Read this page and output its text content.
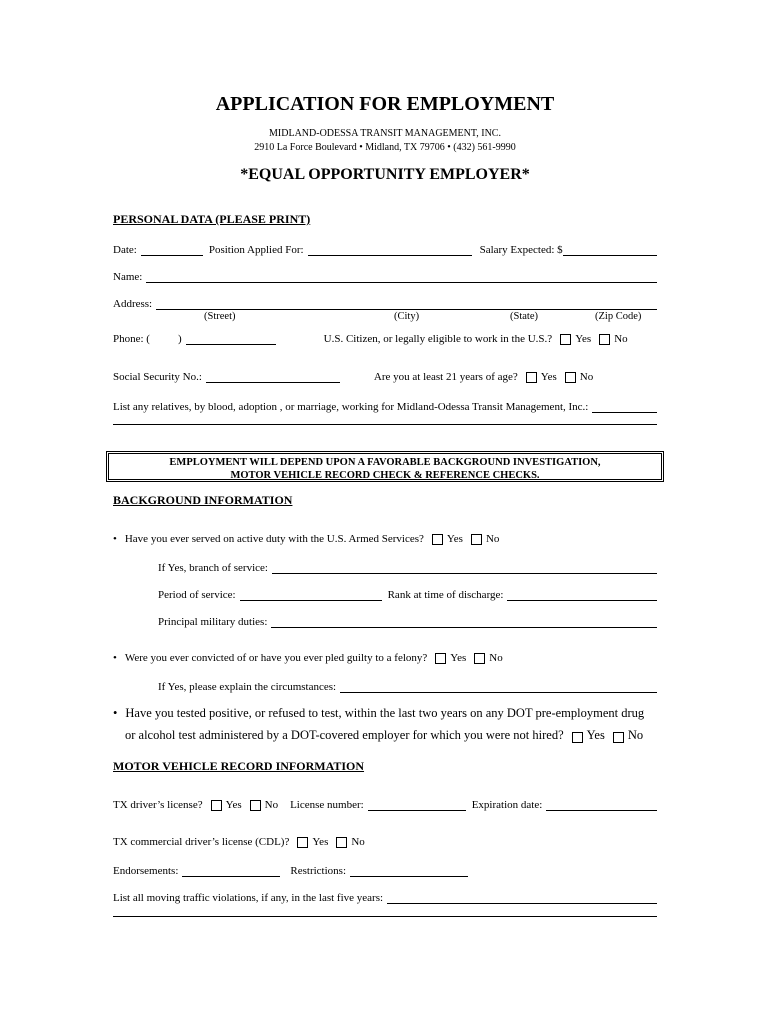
APPLICATION FOR EMPLOYMENT
MIDLAND-ODESSA TRANSIT MANAGEMENT, INC.
2910 La Force Boulevard • Midland, TX 79706 • (432) 561-9990
*EQUAL OPPORTUNITY EMPLOYER*
PERSONAL DATA (PLEASE PRINT)
Date:	Position Applied For:	Salary Expected: $
Name:
Address:
(Street)	(City)	(State)	(Zip Code)
Phone: (	)	U.S. Citizen, or legally eligible to work in the U.S.? Yes No
Social Security No.:	Are you at least 21 years of age? Yes No
List any relatives, by blood, adoption , or marriage, working for Midland-Odessa Transit Management, Inc.:
EMPLOYMENT WILL DEPEND UPON A FAVORABLE BACKGROUND INVESTIGATION,
MOTOR VEHICLE RECORD CHECK & REFERENCE CHECKS.
BACKGROUND INFORMATION
• Have you ever served on active duty with the U.S. Armed Services? Yes No
If Yes, branch of service:
Period of service:	Rank at time of discharge:
Principal military duties:
• Were you ever convicted of or have you ever pled guilty to a felony? Yes No
If Yes, please explain the circumstances:
• Have you tested positive, or refused to test, within the last two years on any DOT pre-employment drug
or alcohol test administered by a DOT-covered employer for which you were not hired? Yes No
MOTOR VEHICLE RECORD INFORMATION
TX driver’s license? Yes No License number:	Expiration date:
TX commercial driver’s license (CDL)? Yes No
Endorsements:	Restrictions:
List all moving traffic violations, if any, in the last five years:
